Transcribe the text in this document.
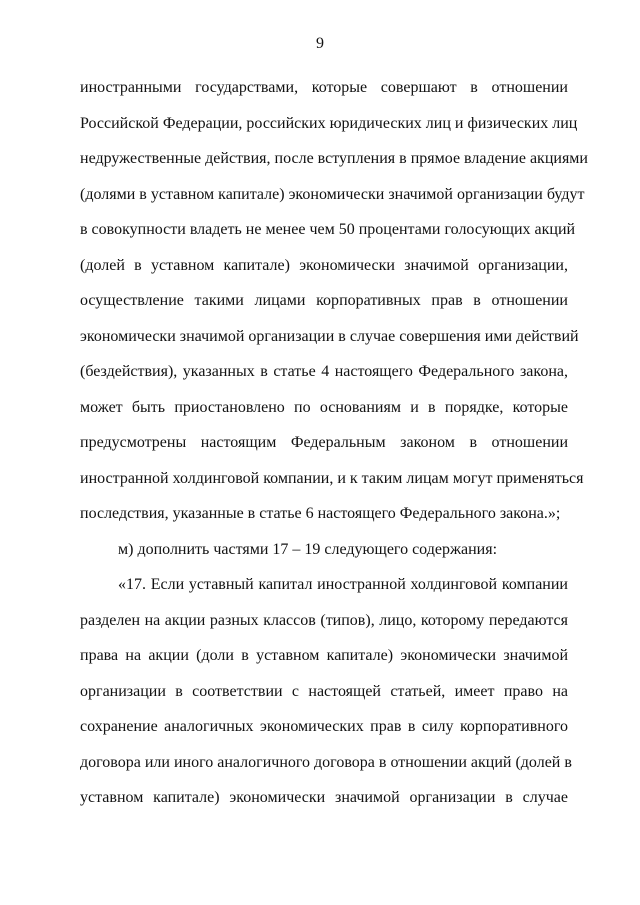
9
иностранными государствами, которые совершают в отношении
Российской Федерации, российских юридических лиц и физических лиц
недружественные действия, после вступления в прямое владение акциями
(долями в уставном капитале) экономически значимой организации будут
в совокупности владеть не менее чем 50 процентами голосующих акций
(долей в уставном капитале) экономически значимой организации,
осуществление такими лицами корпоративных прав в отношении
экономически значимой организации в случае совершения ими действий
(бездействия), указанных в статье 4 настоящего Федерального закона,
может быть приостановлено по основаниям и в порядке, которые
предусмотрены настоящим Федеральным законом в отношении
иностранной холдинговой компании, и к таким лицам могут применяться
последствия, указанные в статье 6 настоящего Федерального закона.»;
м) дополнить частями 17 – 19 следующего содержания:
«17. Если уставный капитал иностранной холдинговой компании
разделен на акции разных классов (типов), лицо, которому передаются
права на акции (доли в уставном капитале) экономически значимой
организации в соответствии с настоящей статьей, имеет право на
сохранение аналогичных экономических прав в силу корпоративного
договора или иного аналогичного договора в отношении акций (долей в
уставном капитале) экономически значимой организации в случае
